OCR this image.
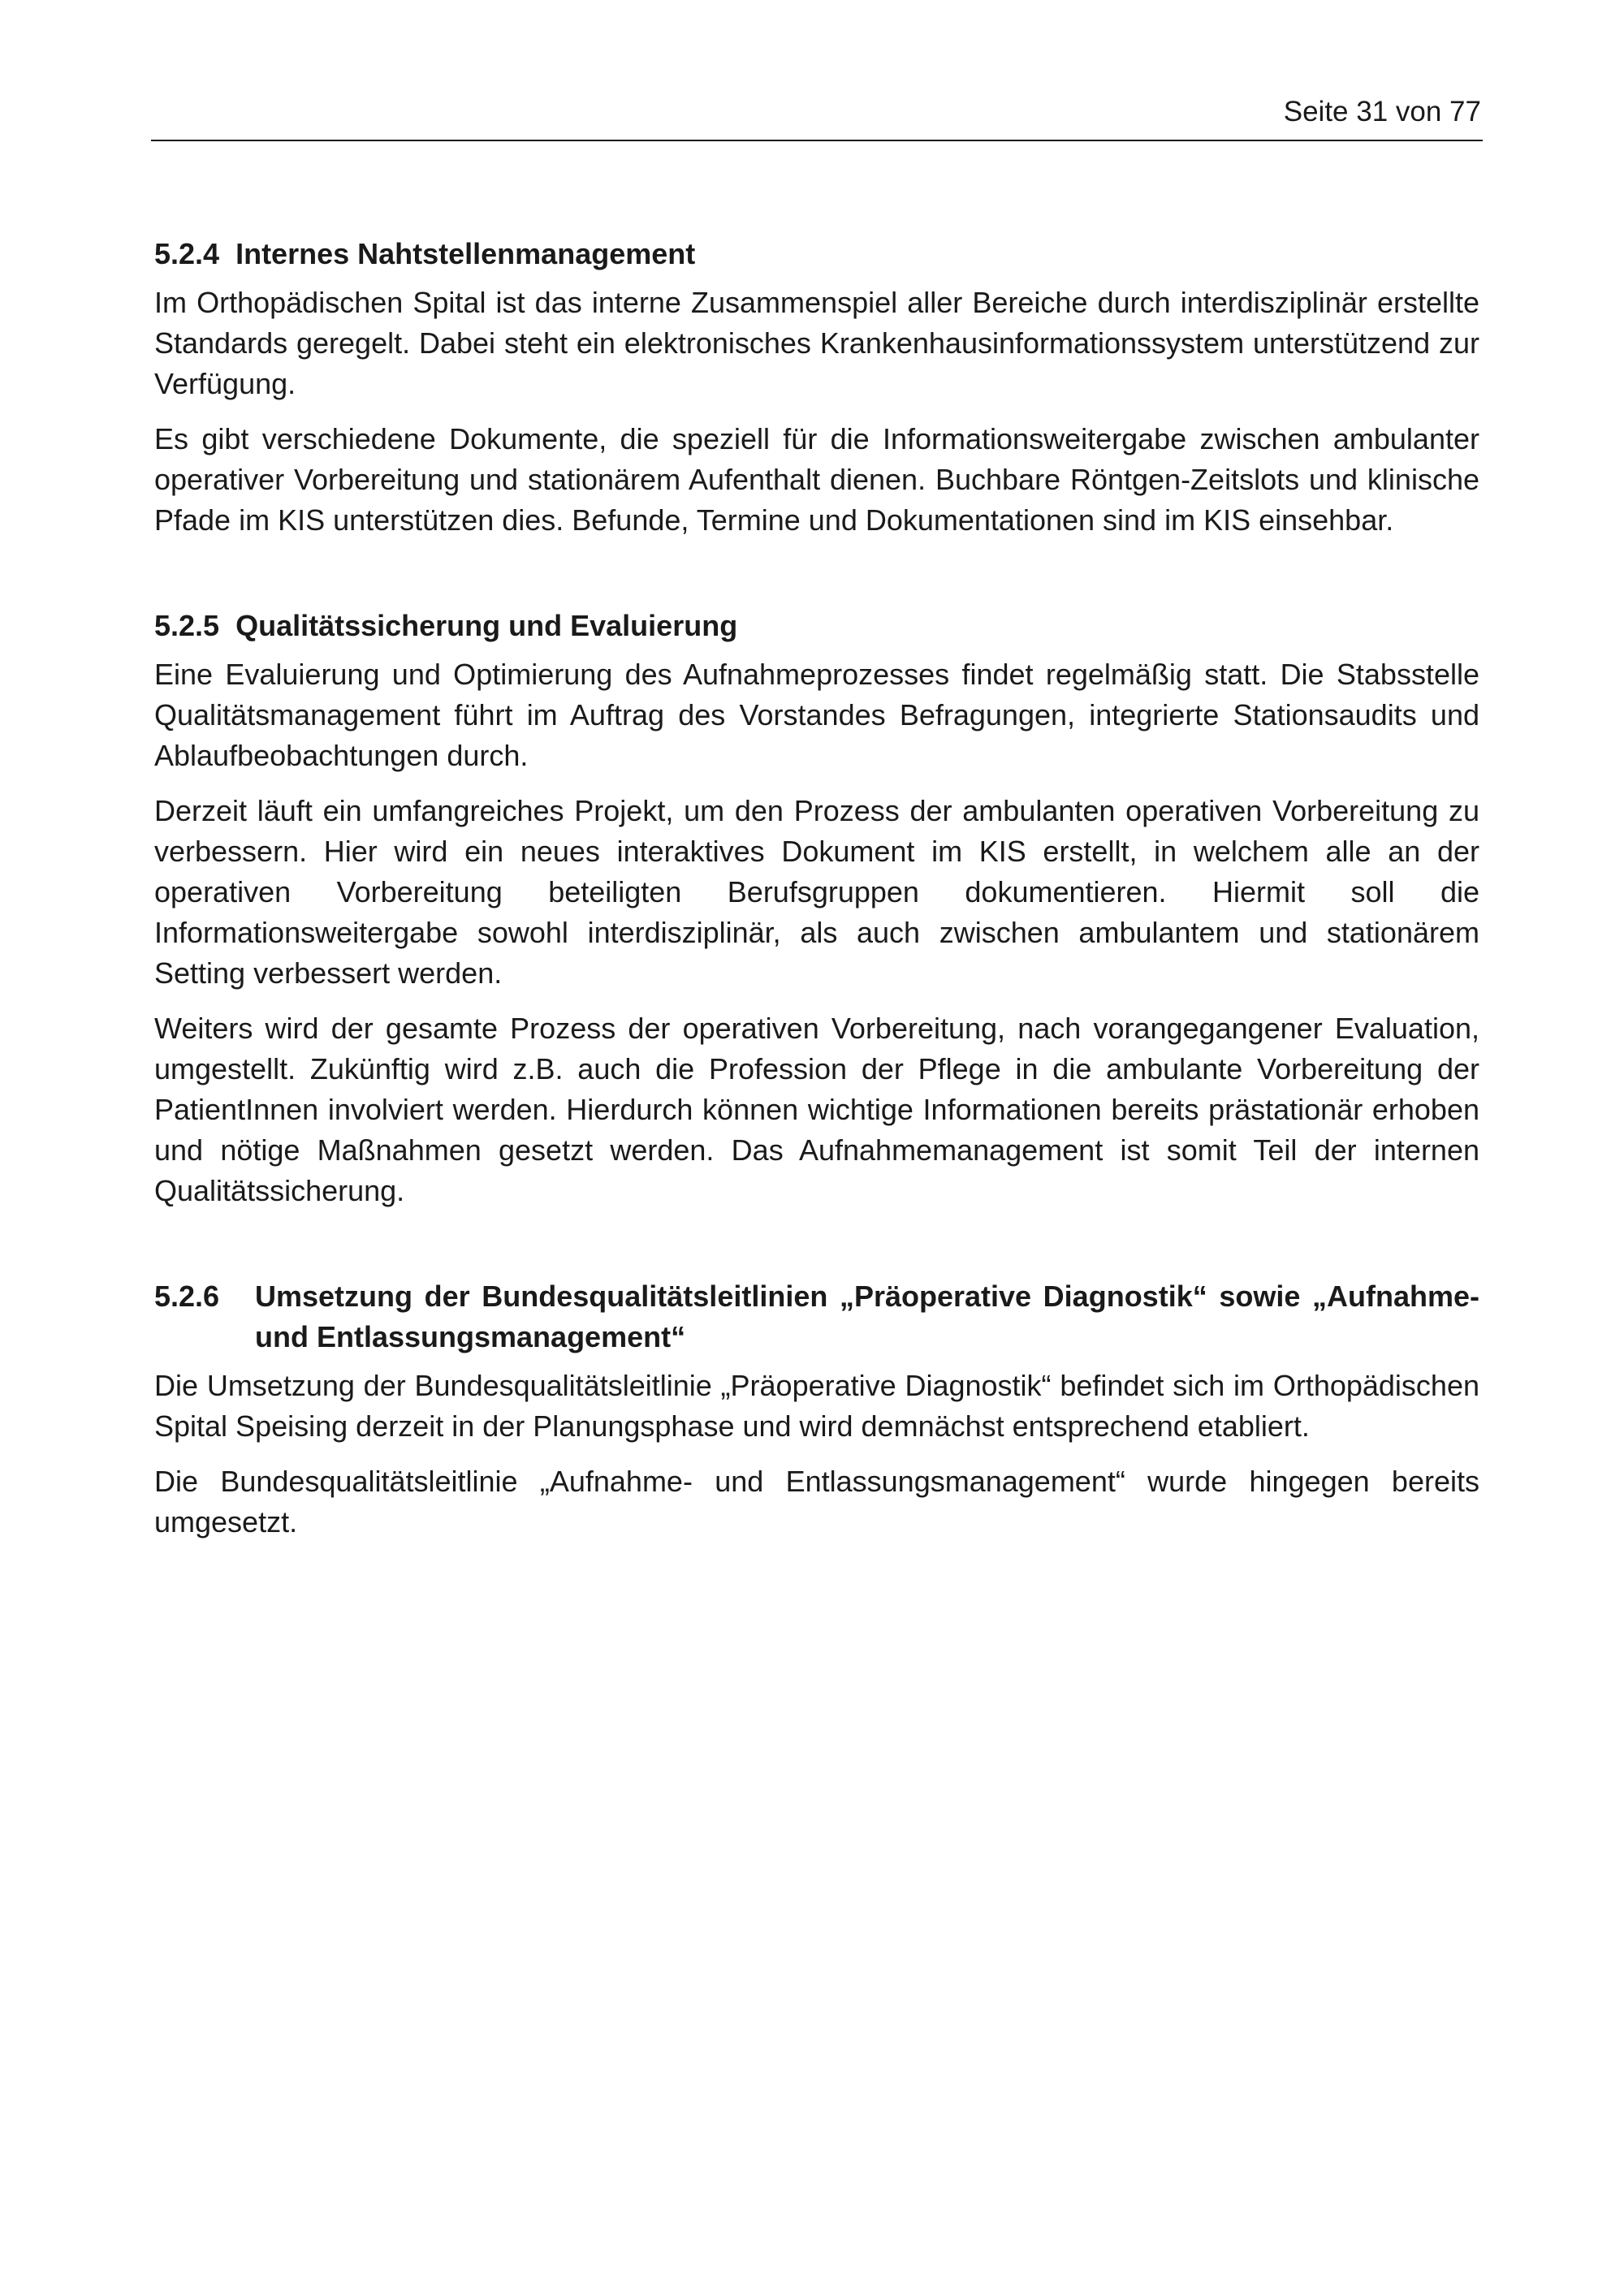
Seite 31 von 77
5.2.4 Internes Nahtstellenmanagement

Im Orthopädischen Spital ist das interne Zusammenspiel aller Bereiche durch interdisziplinär erstellte Standards geregelt. Dabei steht ein elektronisches Krankenhausinformationssystem unterstützend zur Verfügung.

Es gibt verschiedene Dokumente, die speziell für die Informationsweitergabe zwischen ambulanter operativer Vorbereitung und stationärem Aufenthalt dienen. Buchbare Röntgen-Zeitslots und klinische Pfade im KIS unterstützen dies. Befunde, Termine und Dokumentationen sind im KIS einsehbar.

5.2.5 Qualitätssicherung und Evaluierung

Eine Evaluierung und Optimierung des Aufnahmeprozesses findet regelmäßig statt. Die Stabsstelle Qualitätsmanagement führt im Auftrag des Vorstandes Befragungen, integrierte Stationsaudits und Ablaufbeobachtungen durch.

Derzeit läuft ein umfangreiches Projekt, um den Prozess der ambulanten operativen Vorbereitung zu verbessern. Hier wird ein neues interaktives Dokument im KIS erstellt, in welchem alle an der operativen Vorbereitung beteiligten Berufsgruppen dokumentieren. Hiermit soll die Informationsweitergabe sowohl interdisziplinär, als auch zwischen ambulantem und stationärem Setting verbessert werden.

Weiters wird der gesamte Prozess der operativen Vorbereitung, nach vorangegangener Evaluation, umgestellt. Zukünftig wird z.B. auch die Profession der Pflege in die ambulante Vorbereitung der PatientInnen involviert werden. Hierdurch können wichtige Informationen bereits prästationär erhoben und nötige Maßnahmen gesetzt werden. Das Aufnahmemanagement ist somit Teil der internen Qualitätssicherung.

5.2.6	Umsetzung der Bundesqualitätsleitlinien „Präoperative Diagnostik“ sowie „Aufnahme- und Entlassungsmanagement“

Die Umsetzung der Bundesqualitätsleitlinie „Präoperative Diagnostik“ befindet sich im Orthopädischen Spital Speising derzeit in der Planungsphase und wird demnächst entsprechend etabliert.

Die Bundesqualitätsleitlinie „Aufnahme- und Entlassungsmanagement“ wurde hingegen bereits umgesetzt.
